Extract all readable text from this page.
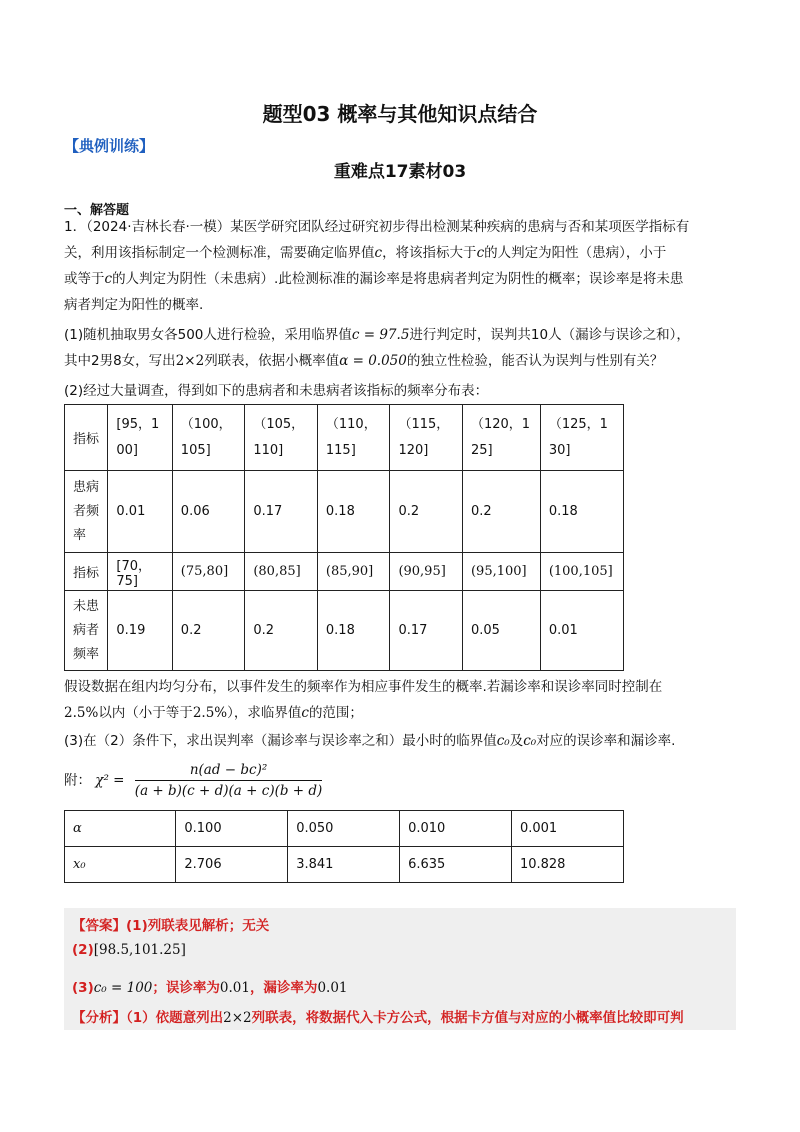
题型03 概率与其他知识点结合
【典例训练】
重难点17素材03
一、解答题
1．（2024·吉林长春·一模）某医学研究团队经过研究初步得出检测某种疾病的患病与否和某项医学指标有
关，利用该指标制定一个检测标准，需要确定临界值c，将该指标大于c的人判定为阳性（患病），小于
或等于c的人判定为阴性（未患病）.此检测标准的漏诊率是将患病者判定为阴性的概率；误诊率是将未患
病者判定为阳性的概率.
(1)随机抽取男女各500人进行检验，采用临界值c = 97.5进行判定时，误判共10人（漏诊与误诊之和），
其中2男8女，写出2×2列联表，依据小概率值α = 0.050的独立性检验，能否认为误判与性别有关？
(2)经过大量调查，得到如下的患病者和未患病者该指标的频率分布表：
指标	[95，100]	（100，105]	（105，110]	（110，115]	（115，120]	（120，125]	（125，130]
患病者频率	0.01	0.06	0.17	0.18	0.2	0.2	0.18
指标	[70，75]	(75,80]	(80,85]	(85,90]	(90,95]	(95,100]	(100,105]
未患病者频率	0.19	0.2	0.2	0.18	0.17	0.05	0.01
假设数据在组内均匀分布，以事件发生的频率作为相应事件发生的概率.若漏诊率和误诊率同时控制在
2.5%以内（小于等于2.5%），求临界值c的范围；
(3)在（2）条件下，求出误判率（漏诊率与误诊率之和）最小时的临界值c₀及c₀对应的误诊率和漏诊率.
附： $\chi^2 = \frac{\text{n(ad − bc)²}}{(a + b)(c + d)(a + c)(b + d)}$
α	0.100	0.050	0.010	0.001
x₀	2.706	3.841	6.635	10.828
【答案】(1)列联表见解析；无关
(2)[98.5,101.25]
(3)c₀ = 100；误诊率为0.01，漏诊率为0.01
【分析】（1）依题意列出2×2列联表，将数据代入卡方公式，根据卡方值与对应的小概率值比较即可判
